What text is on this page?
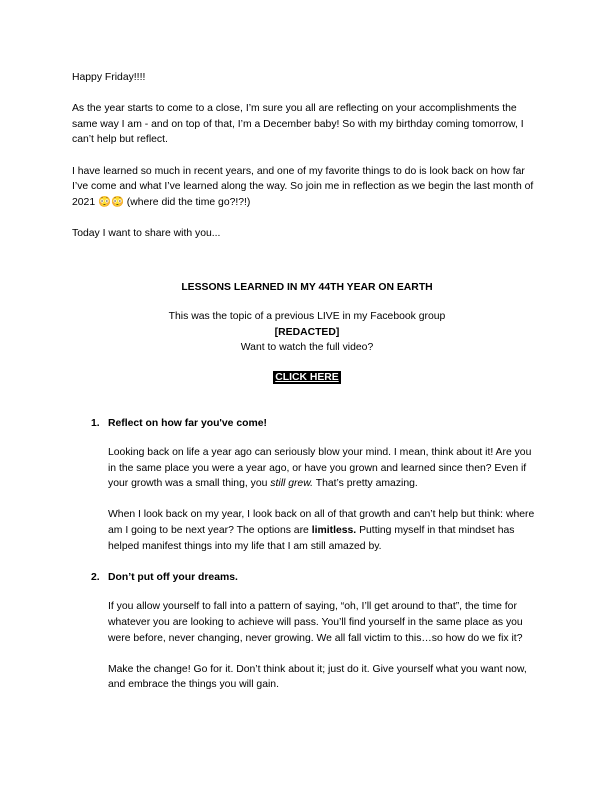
Happy Friday!!!!

As the year starts to come to a close, I’m sure you all are reflecting on your accomplishments the same way I am - and on top of that, I’m a December baby! So with my birthday coming tomorrow, I can’t help but reflect.

I have learned so much in recent years, and one of my favorite things to do is look back on how far I’ve come and what I’ve learned along the way. So join me in reflection as we begin the last month of 2021 😳😳 (where did the time go?!?!)

Today I want to share with you...

LESSONS LEARNED IN MY 44TH YEAR ON EARTH

This was the topic of a previous LIVE in my Facebook group

[REDACTED]

Want to watch the full video?

CLICK HERE
1. Reflect on how far you've come!

Looking back on life a year ago can seriously blow your mind. I mean, think about it! Are you in the same place you were a year ago, or have you grown and learned since then? Even if your growth was a small thing, you still grew. That’s pretty amazing.

When I look back on my year, I look back on all of that growth and can’t help but think: where am I going to be next year? The options are limitless. Putting myself in that mindset has helped manifest things into my life that I am still amazed by.

2. Don’t put off your dreams.

If you allow yourself to fall into a pattern of saying, “oh, I’ll get around to that”, the time for whatever you are looking to achieve will pass. You’ll find yourself in the same place as you were before, never changing, never growing. We all fall victim to this…so how do we fix it?

Make the change! Go for it. Don’t think about it; just do it. Give yourself what you want now, and embrace the things you will gain.
